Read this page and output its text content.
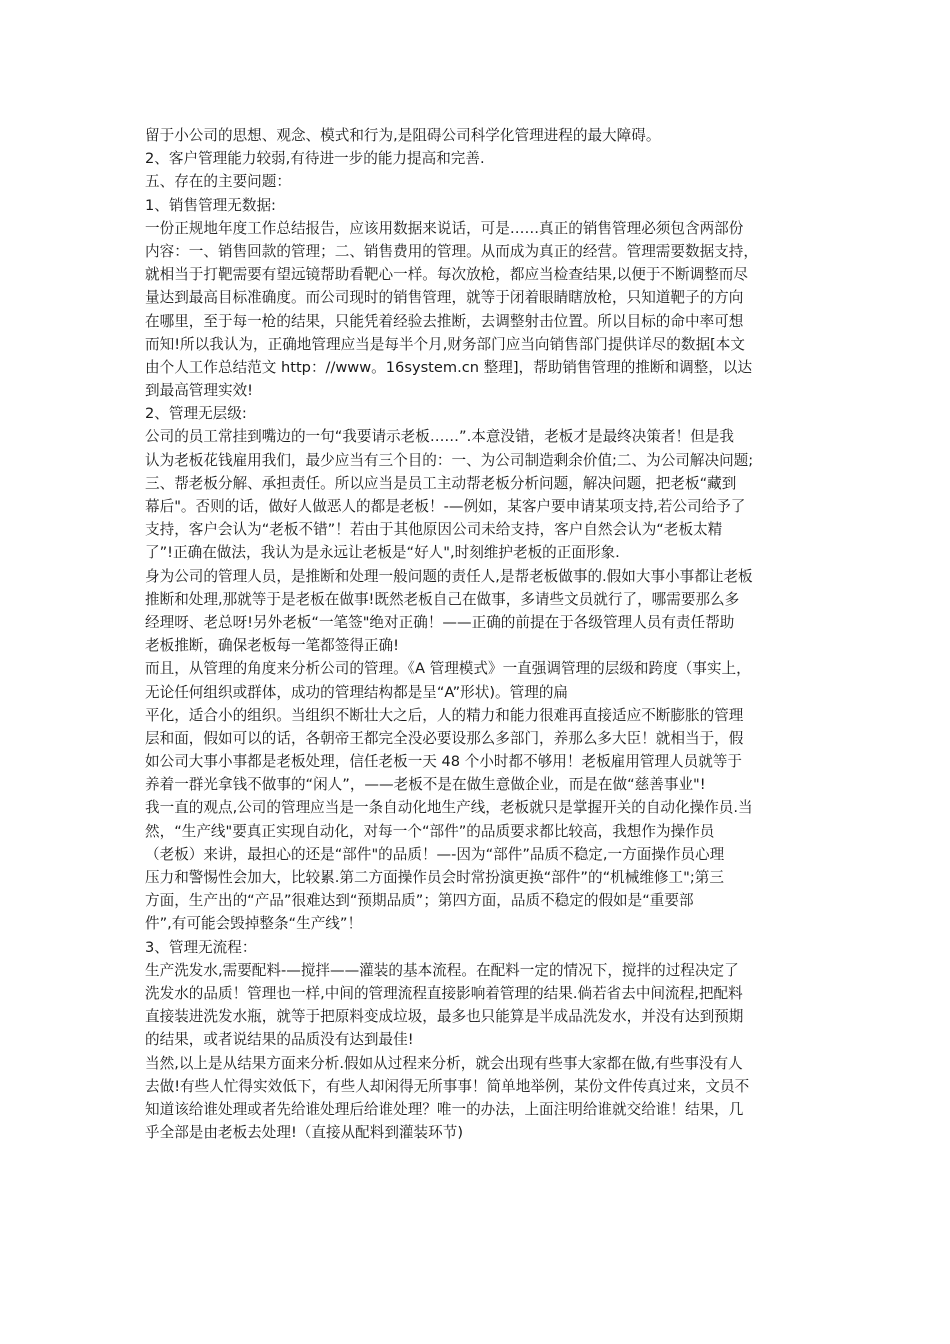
留于小公司的思想、观念、模式和行为,是阻碍公司科学化管理进程的最大障碍。
2、客户管理能力较弱,有待进一步的能力提高和完善.
五、存在的主要问题：
1、销售管理无数据:
一份正规地年度工作总结报告，应该用数据来说话，可是……真正的销售管理必须包含两部份
内容：一、销售回款的管理；二、销售费用的管理。从而成为真正的经营。管理需要数据支持，
就相当于打靶需要有望远镜帮助看靶心一样。每次放枪，都应当检查结果,以便于不断调整而尽
量达到最高目标准确度。而公司现时的销售管理，就等于闭着眼睛瞎放枪，只知道靶子的方向
在哪里，至于每一枪的结果，只能凭着经验去推断，去调整射击位置。所以目标的命中率可想
而知!所以我认为，正确地管理应当是每半个月,财务部门应当向销售部门提供详尽的数据[本文
由个人工作总结范文 http：//www。16system.cn 整理]，帮助销售管理的推断和调整，以达
到最高管理实效!
2、管理无层级:
公司的员工常挂到嘴边的一句“我要请示老板……”.本意没错，老板才是最终决策者！但是我
认为老板花钱雇用我们，最少应当有三个目的：一、为公司制造剩余价值;二、为公司解决问题;
三、帮老板分解、承担责任。所以应当是员工主动帮老板分析问题，解决问题，把老板“藏到
幕后"。否则的话，做好人做恶人的都是老板！-—例如，某客户要申请某项支持,若公司给予了
支持，客户会认为“老板不错”！若由于其他原因公司未给支持，客户自然会认为“老板太精
了”!正确在做法，我认为是永远让老板是“好人",时刻维护老板的正面形象.
身为公司的管理人员，是推断和处理一般问题的责任人,是帮老板做事的.假如大事小事都让老板
推断和处理,那就等于是老板在做事!既然老板自己在做事，多请些文员就行了，哪需要那么多
经理呀、老总呀!另外老板“一笔签"绝对正确！——正确的前提在于各级管理人员有责任帮助
老板推断，确保老板每一笔都签得正确!
而且，从管理的角度来分析公司的管理。《A 管理模式》一直强调管理的层级和跨度（事实上，
无论任何组织或群体，成功的管理结构都是呈“A”形状)。管理的扁
平化，适合小的组织。当组织不断壮大之后，人的精力和能力很难再直接适应不断膨胀的管理
层和面，假如可以的话，各朝帝王都完全没必要设那么多部门，养那么多大臣！就相当于，假
如公司大事小事都是老板处理，信任老板一天 48 个小时都不够用！老板雇用管理人员就等于
养着一群光拿钱不做事的“闲人”，——老板不是在做生意做企业，而是在做“慈善事业"!
我一直的观点,公司的管理应当是一条自动化地生产线，老板就只是掌握开关的自动化操作员.当
然，“生产线"要真正实现自动化，对每一个“部件”的品质要求都比较高，我想作为操作员
（老板）来讲，最担心的还是“部件"的品质！—-因为“部件”品质不稳定,一方面操作员心理
压力和警惕性会加大，比较累.第二方面操作员会时常扮演更换“部件”的“机械维修工";第三
方面，生产出的“产品”很难达到“预期品质”；第四方面，品质不稳定的假如是“重要部
件”,有可能会毁掉整条“生产线”！
3、管理无流程：
生产洗发水,需要配料-—搅拌——灌装的基本流程。在配料一定的情况下，搅拌的过程决定了
洗发水的品质！管理也一样,中间的管理流程直接影响着管理的结果.倘若省去中间流程,把配料
直接装进洗发水瓶，就等于把原料变成垃圾，最多也只能算是半成品洗发水，并没有达到预期
的结果，或者说结果的品质没有达到最佳!
当然,以上是从结果方面来分析.假如从过程来分析，就会出现有些事大家都在做,有些事没有人
去做!有些人忙得实效低下，有些人却闲得无所事事！简单地举例，某份文件传真过来，文员不
知道该给谁处理或者先给谁处理后给谁处理？唯一的办法，上面注明给谁就交给谁！结果，几
乎全部是由老板去处理!（直接从配料到灌装环节)
